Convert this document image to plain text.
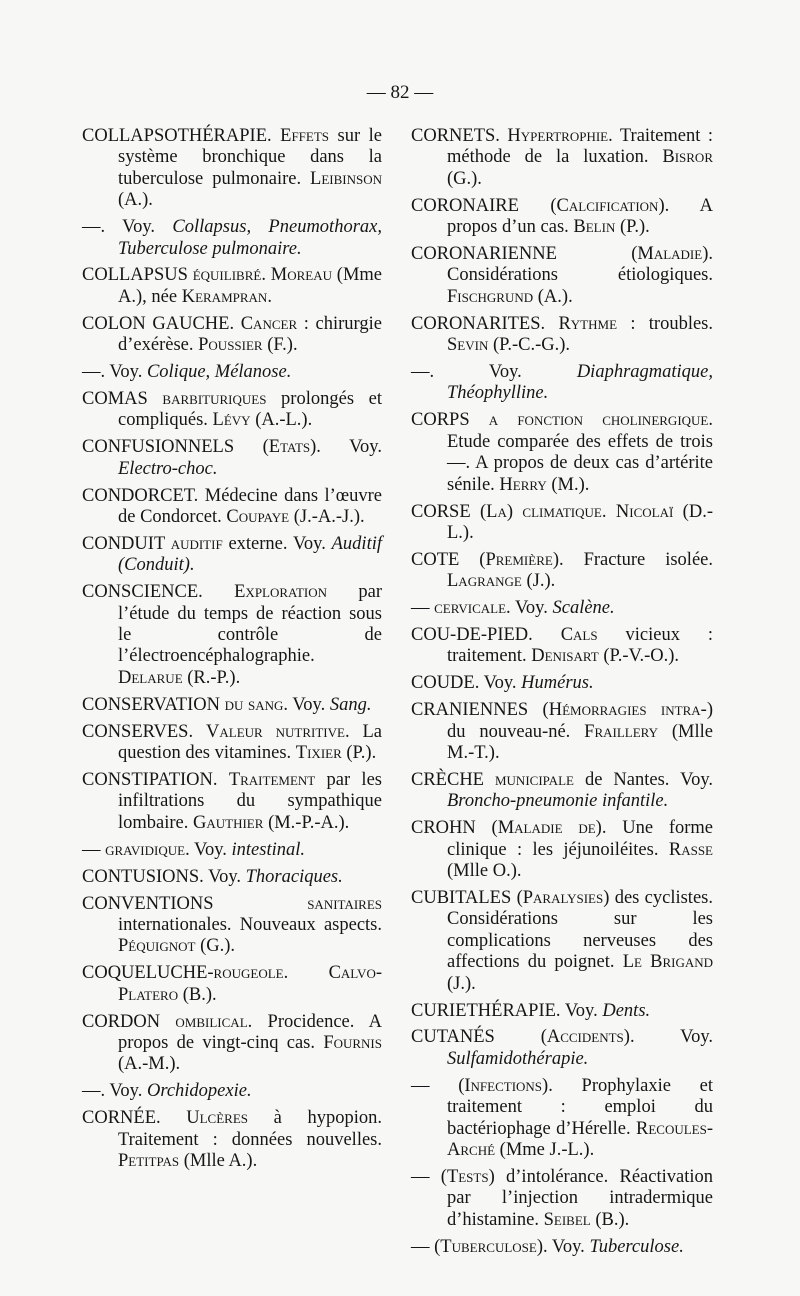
— 82 —

COLLAPSOTHÉRAPIE. Effets sur le système bronchique dans la tuberculose pulmonaire. Leibinson (A.).

—. Voy. Collapsus, Pneumothorax, Tuberculose pulmonaire.

COLLAPSUS équilibré. Moreau (Mme A.), née Kerampran.

COLON GAUCHE. Cancer : chirurgie d’exérèse. Poussier (F.).

—. Voy. Colique, Mélanose.

COMAS barbituriques prolongés et compliqués. Lévy (A.-L.).

CONFUSIONNELS (Etats). Voy. Electro-choc.

CONDORCET. Médecine dans l’œuvre de Condorcet. Coupaye (J.-A.-J.).

CONDUIT auditif externe. Voy. Auditif (Conduit).

CONSCIENCE. Exploration par l’étude du temps de réaction sous le contrôle de l’électroencéphalographie. Delarue (R.-P.).

CONSERVATION du sang. Voy. Sang.

CONSERVES. Valeur nutritive. La question des vitamines. Tixier (P.).

CONSTIPATION. Traitement par les infiltrations du sympathique lombaire. Gauthier (M.-P.-A.).

— gravidique. Voy. intestinal.

CONTUSIONS. Voy. Thoraciques.

CONVENTIONS sanitaires internationales. Nouveaux aspects. Péquignot (G.).

COQUELUCHE-rougeole. Calvo-Platero (B.).

CORDON ombilical. Procidence. A propos de vingt-cinq cas. Fournis (A.-M.).

—. Voy. Orchidopexie.

CORNÉE. Ulcères à hypopion. Traitement : données nouvelles. Petitpas (Mlle A.).

CORNETS. Hypertrophie. Traitement : méthode de la luxation. Bisror (G.).

CORONAIRE (Calcification). A propos d’un cas. Belin (P.).

CORONARIENNE (Maladie). Considérations étiologiques. Fischgrund (A.).

CORONARITES. Rythme : troubles. Sevin (P.-C.-G.).

—. Voy. Diaphragmatique, Théophylline.

CORPS a fonction cholinergique. Etude comparée des effets de trois —. A propos de deux cas d’artérite sénile. Herry (M.).

CORSE (La) climatique. Nicolaï (D.-L.).

COTE (Première). Fracture isolée. Lagrange (J.).

— cervicale. Voy. Scalène.

COU-DE-PIED. Cals vicieux : traitement. Denisart (P.-V.-O.).

COUDE. Voy. Humérus.

CRANIENNES (Hémorragies intra-) du nouveau-né. Fraillery (Mlle M.-T.).

CRÈCHE municipale de Nantes. Voy. Broncho-pneumonie infantile.

CROHN (Maladie de). Une forme clinique : les jéjunoiléites. Rasse (Mlle O.).

CUBITALES (Paralysies) des cyclistes. Considérations sur les complications nerveuses des affections du poignet. Le Brigand (J.).

CURIETHÉRAPIE. Voy. Dents.

CUTANÉS (Accidents). Voy. Sulfamidothérapie.

— (Infections). Prophylaxie et traitement : emploi du bactériophage d’Hérelle. Recoules-Arché (Mme J.-L.).

— (Tests) d’intolérance. Réactivation par l’injection intradermique d’histamine. Seibel (B.).

— (Tuberculose). Voy. Tuberculose.
